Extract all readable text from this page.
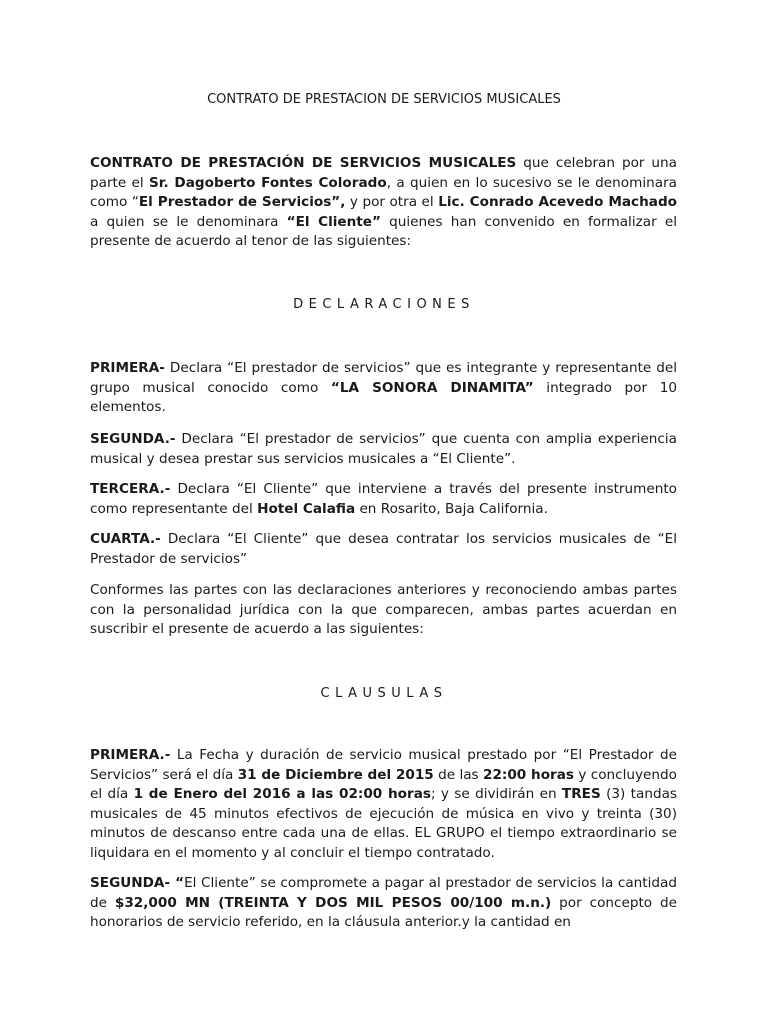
CONTRATO DE PRESTACION DE SERVICIOS MUSICALES

CONTRATO DE PRESTACIÓN DE SERVICIOS MUSICALES que celebran por una parte el Sr. Dagoberto Fontes Colorado, a quien en lo sucesivo se le denominara como “El Prestador de Servicios”, y por otra el Lic. Conrado Acevedo Machado a quien se le denominara “El Cliente” quienes han convenido en formalizar el presente de acuerdo al tenor de las siguientes:

DECLARACIONES

PRIMERA- Declara “El prestador de servicios” que es integrante y representante del grupo musical conocido como “LA SONORA DINAMITA” integrado por 10 elementos.

SEGUNDA.- Declara “El prestador de servicios” que cuenta con amplia experiencia musical y desea prestar sus servicios musicales a “El Cliente”.

TERCERA.- Declara “El Cliente” que interviene a través del presente instrumento como representante del Hotel Calafia en Rosarito, Baja California.

CUARTA.- Declara “El Cliente” que desea contratar los servicios musicales de “El Prestador de servicios”

Conformes las partes con las declaraciones anteriores y reconociendo ambas partes con la personalidad jurídica con la que comparecen, ambas partes acuerdan en suscribir el presente de acuerdo a las siguientes:

CLAUSULAS

PRIMERA.- La Fecha y duración de servicio musical prestado por “El Prestador de Servicios” será el día 31 de Diciembre del 2015 de las 22:00 horas y concluyendo el día 1 de Enero del 2016 a las 02:00 horas; y se dividirán en TRES (3) tandas musicales de 45 minutos efectivos de ejecución de música en vivo y treinta (30) minutos de descanso entre cada una de ellas. EL GRUPO el tiempo extraordinario se liquidara en el momento y al concluir el tiempo contratado.

SEGUNDA- “El Cliente” se compromete a pagar al prestador de servicios la cantidad de $32,000 MN (TREINTA Y DOS MIL PESOS 00/100 m.n.) por concepto de honorarios de servicio referido, en la cláusula anterior.y la cantidad en
